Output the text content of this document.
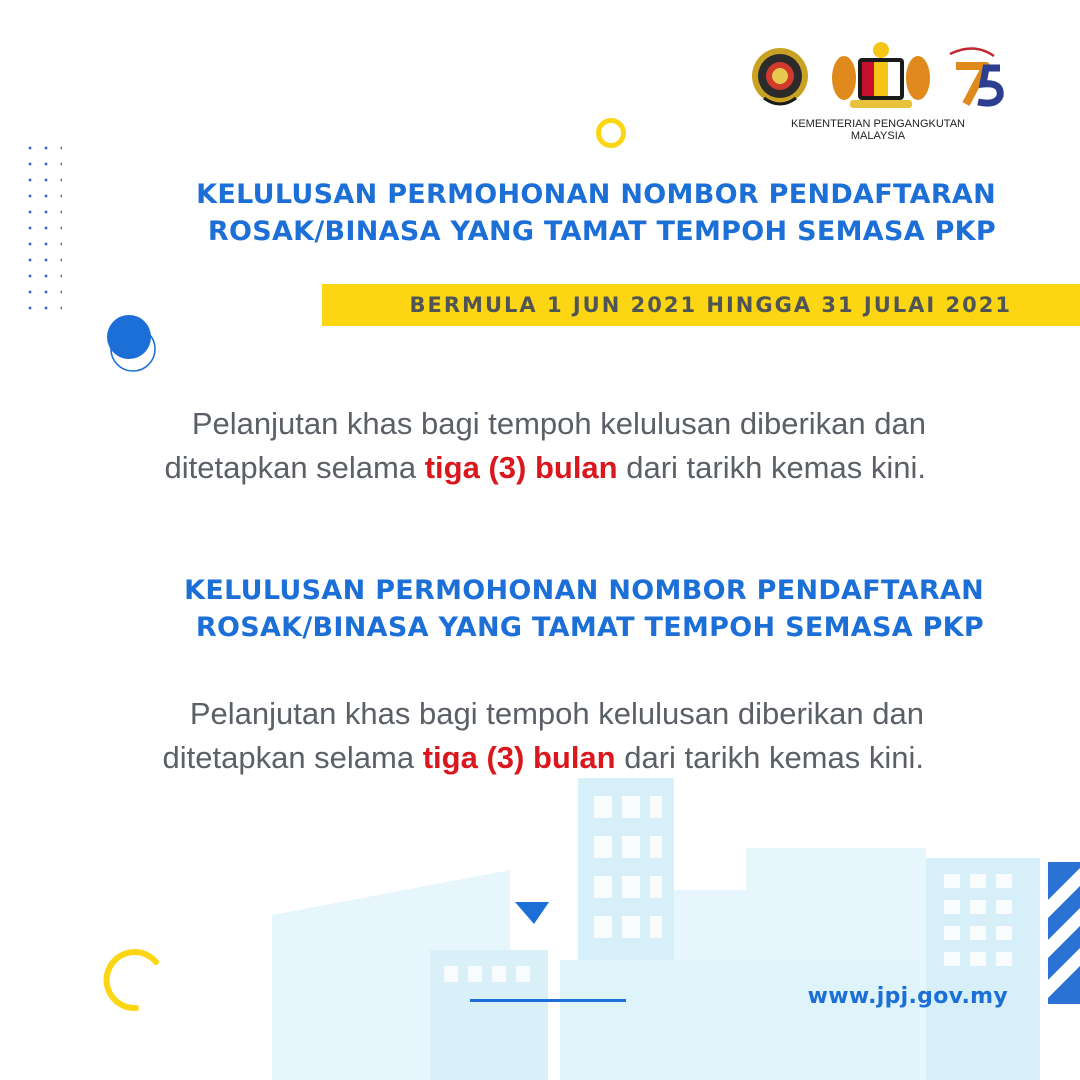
KEMENTERIAN PENGANGKUTAN
MALAYSIA
KELULUSAN PERMOHONAN NOMBOR PENDAFTARAN
ROSAK/BINASA YANG TAMAT TEMPOH SEMASA PKP
BERMULA 1 JUN 2021 HINGGA 31 JULAI 2021
Pelanjutan khas bagi tempoh kelulusan diberikan dan
ditetapkan selama tiga (3) bulan dari tarikh kemas kini.
KELULUSAN PERMOHONAN NOMBOR PENDAFTARAN
ROSAK/BINASA YANG TAMAT TEMPOH SEMASA PKP
Pelanjutan khas bagi tempoh kelulusan diberikan dan
ditetapkan selama tiga (3) bulan dari tarikh kemas kini.
www.jpj.gov.my
